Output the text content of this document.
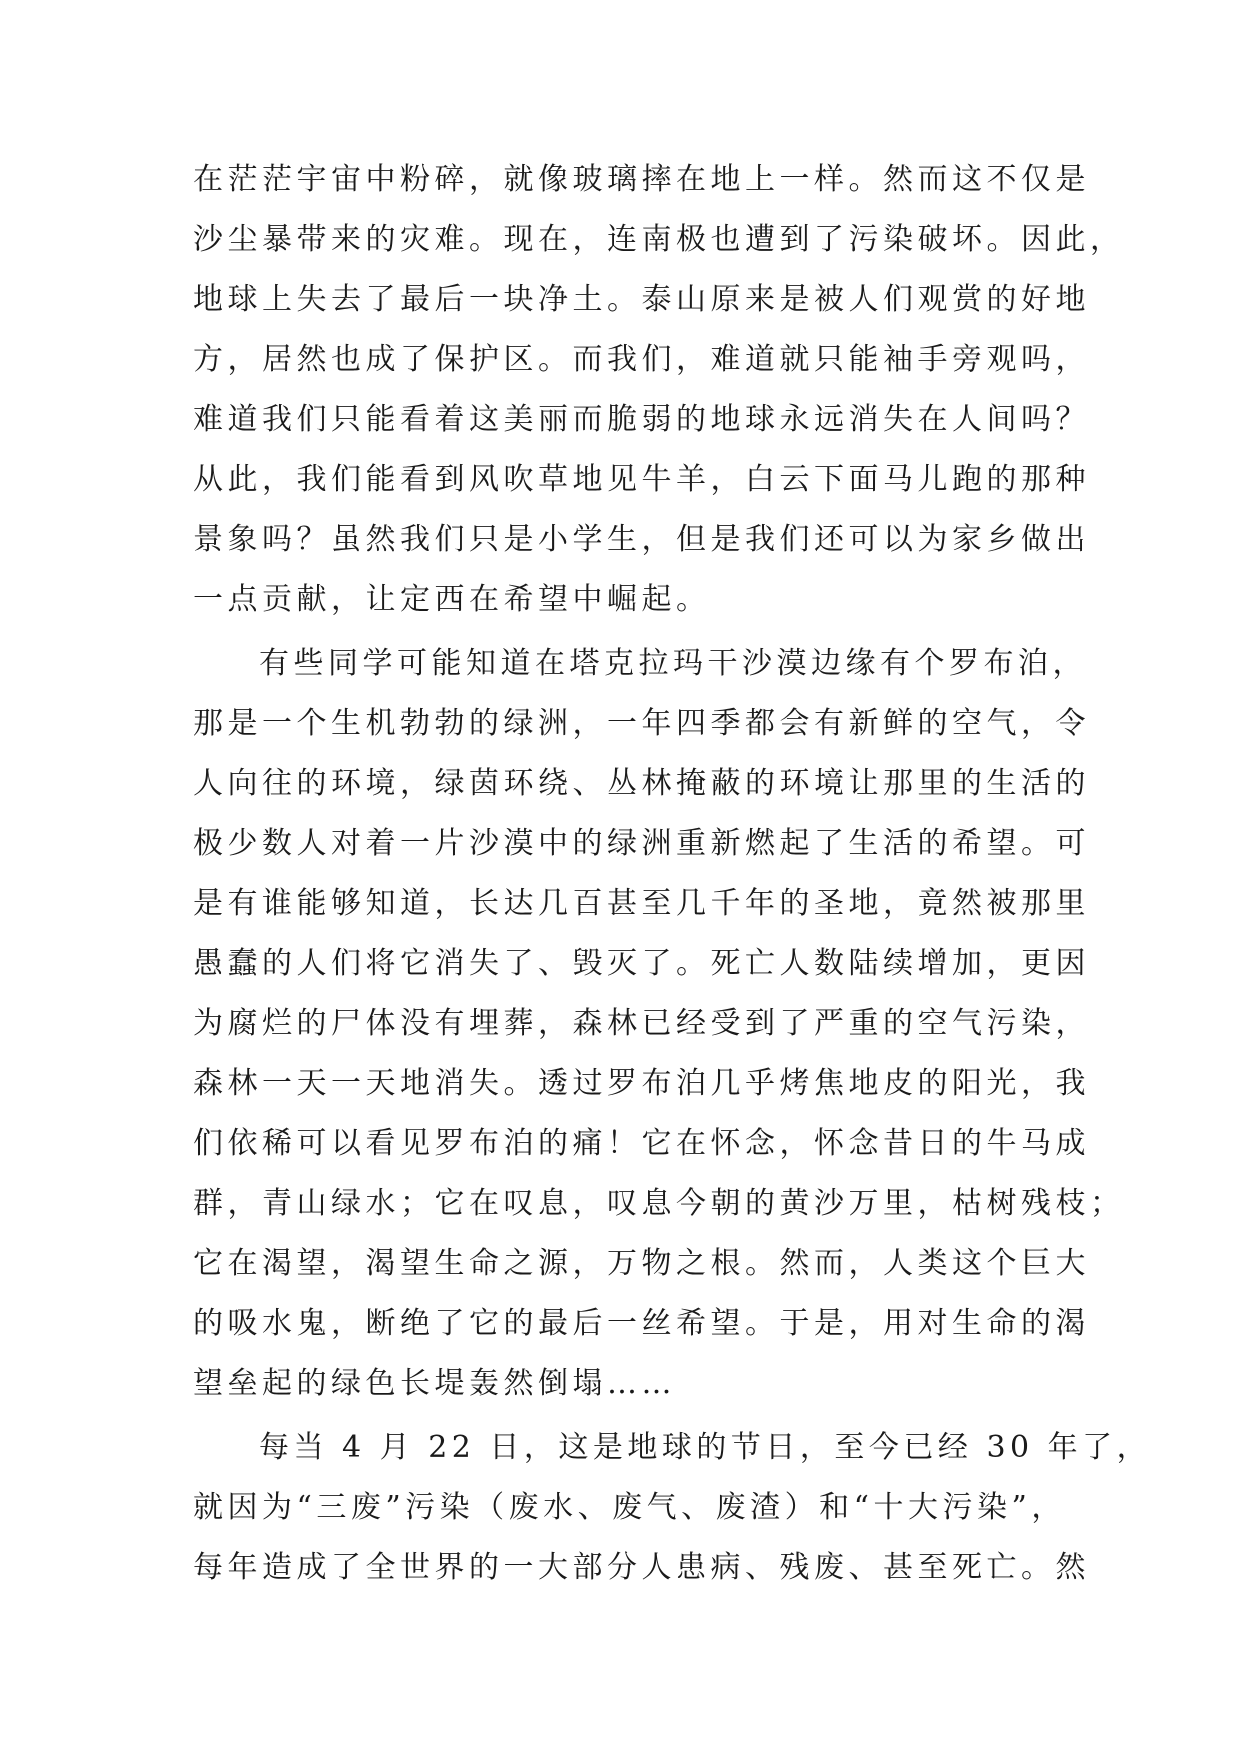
在茫茫宇宙中粉碎，就像玻璃摔在地上一样。然而这不仅是
沙尘暴带来的灾难。现在，连南极也遭到了污染破坏。因此，
地球上失去了最后一块净土。泰山原来是被人们观赏的好地
方，居然也成了保护区。而我们，难道就只能袖手旁观吗，
难道我们只能看着这美丽而脆弱的地球永远消失在人间吗？
从此，我们能看到风吹草地见牛羊，白云下面马儿跑的那种
景象吗？虽然我们只是小学生，但是我们还可以为家乡做出
一点贡献，让定西在希望中崛起。
有些同学可能知道在塔克拉玛干沙漠边缘有个罗布泊，
那是一个生机勃勃的绿洲，一年四季都会有新鲜的空气，令
人向往的环境，绿茵环绕、丛林掩蔽的环境让那里的生活的
极少数人对着一片沙漠中的绿洲重新燃起了生活的希望。可
是有谁能够知道，长达几百甚至几千年的圣地，竟然被那里
愚蠢的人们将它消失了、毁灭了。死亡人数陆续增加，更因
为腐烂的尸体没有埋葬，森林已经受到了严重的空气污染，
森林一天一天地消失。透过罗布泊几乎烤焦地皮的阳光，我
们依稀可以看见罗布泊的痛！它在怀念，怀念昔日的牛马成
群，青山绿水；它在叹息，叹息今朝的黄沙万里，枯树残枝；
它在渴望，渴望生命之源，万物之根。然而，人类这个巨大
的吸水鬼，断绝了它的最后一丝希望。于是，用对生命的渴
望垒起的绿色长堤轰然倒塌……
每当 4 月 22 日，这是地球的节日，至今已经 30 年了，
就因为“三废”污染（废水、废气、废渣）和“十大污染”，
每年造成了全世界的一大部分人患病、残废、甚至死亡。然
